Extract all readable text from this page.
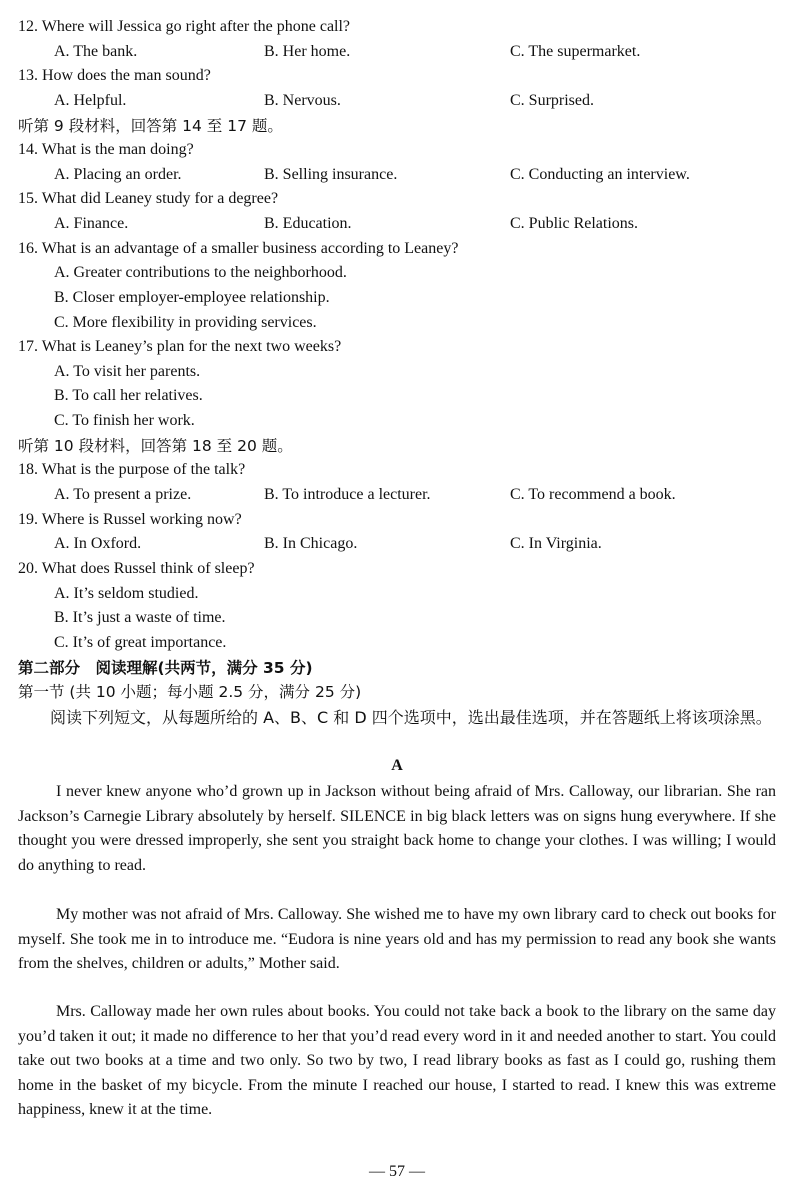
12. Where will Jessica go right after the phone call?
A. The bank.	B. Her home.	C. The supermarket.
13. How does the man sound?
A. Helpful.	B. Nervous.	C. Surprised.
听第 9 段材料，回答第 14 至 17 题。
14. What is the man doing?
A. Placing an order.	B. Selling insurance.	C. Conducting an interview.
15. What did Leaney study for a degree?
A. Finance.	B. Education.	C. Public Relations.
16. What is an advantage of a smaller business according to Leaney?
A. Greater contributions to the neighborhood.
B. Closer employer-employee relationship.
C. More flexibility in providing services.
17. What is Leaney’s plan for the next two weeks?
A. To visit her parents.
B. To call her relatives.
C. To finish her work.
听第 10 段材料，回答第 18 至 20 题。
18. What is the purpose of the talk?
A. To present a prize.	B. To introduce a lecturer.	C. To recommend a book.
19. Where is Russel working now?
A. In Oxford.	B. In Chicago.	C. In Virginia.
20. What does Russel think of sleep?
A. It’s seldom studied.
B. It’s just a waste of time.
C. It’s of great importance.
第二部分　阅读理解(共两节，满分 35 分)
第一节 (共 10 小题；每小题 2.5 分，满分 25 分)
阅读下列短文，从每题所给的 A、B、C 和 D 四个选项中，选出最佳选项，并在答题纸上将该项涂黑。
A
I never knew anyone who’d grown up in Jackson without being afraid of Mrs. Calloway, our librarian. She ran Jackson’s Carnegie Library absolutely by herself. SILENCE in big black letters was on signs hung everywhere. If she thought you were dressed improperly, she sent you straight back home to change your clothes. I was willing; I would do anything to read.
My mother was not afraid of Mrs. Calloway. She wished me to have my own library card to check out books for myself. She took me in to introduce me. “Eudora is nine years old and has my permission to read any book she wants from the shelves, children or adults,” Mother said.
Mrs. Calloway made her own rules about books. You could not take back a book to the library on the same day you’d taken it out; it made no difference to her that you’d read every word in it and needed another to start. You could take out two books at a time and two only. So two by two, I read library books as fast as I could go, rushing them home in the basket of my bicycle. From the minute I reached our house, I started to read. I knew this was extreme happiness, knew it at the time.
— 57 —
